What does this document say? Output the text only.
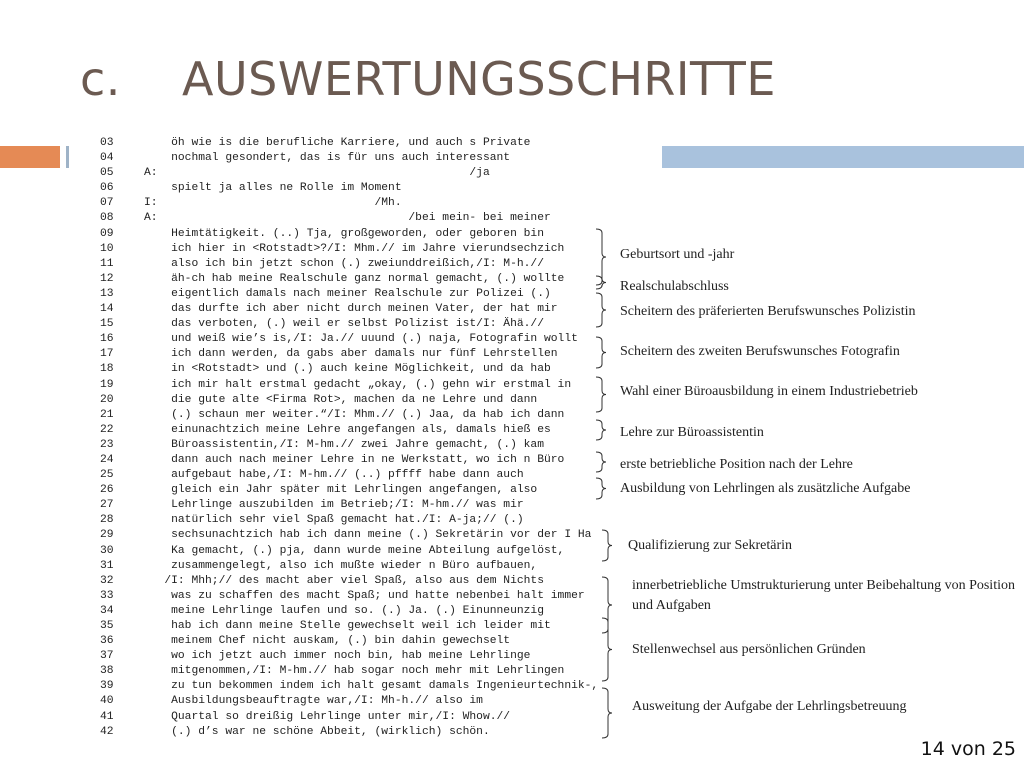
c. AUSWERTUNGSSCHRITTE
03	öh wie is die berufliche Karriere, und auch s Private
04	nochmal gesondert, das is für uns auch interessant
05	A:                                              /ja
06	spielt ja alles ne Rolle im Moment
07	I:                                /Mh.
08	A:                                     /bei mein- bei meiner
09	Heimtätigkeit. (..) Tja, großgeworden, oder geboren bin
10	ich hier in <Rotstadt>?/I: Mhm.// im Jahre vierundsechzich
11	also ich bin jetzt schon (.) zweiunddreißich,/I: M-h.//
12	äh-ch hab meine Realschule ganz normal gemacht, (.) wollte
13	eigentlich damals nach meiner Realschule zur Polizei (.)
14	das durfte ich aber nicht durch meinen Vater, der hat mir
15	das verboten, (.) weil er selbst Polizist ist/I: Ähä.//
16	und weiß wie’s is,/I: Ja.// uuund (.) naja, Fotografin wollt
17	ich dann werden, da gabs aber damals nur fünf Lehrstellen
18	in <Rotstadt> und (.) auch keine Möglichkeit, und da hab
19	ich mir halt erstmal gedacht „okay, (.) gehn wir erstmal in
20	die gute alte <Firma Rot>, machen da ne Lehre und dann
21	(.) schaun mer weiter.“/I: Mhm.// (.) Jaa, da hab ich dann
22	einunachtzich meine Lehre angefangen als, damals hieß es
23	Büroassistentin,/I: M-hm.// zwei Jahre gemacht, (.) kam
24	dann auch nach meiner Lehre in ne Werkstatt, wo ich n Büro
25	aufgebaut habe,/I: M-hm.// (..) pffff habe dann auch
26	gleich ein Jahr später mit Lehrlingen angefangen, also
27	Lehrlinge auszubilden im Betrieb;/I: M-hm.// was mir
28	natürlich sehr viel Spaß gemacht hat./I: A-ja;// (.)
29	sechsunachtzich hab ich dann meine (.) Sekretärin vor der I Ha
30	Ka gemacht, (.) pja, dann wurde meine Abteilung aufgelöst,
31	zusammengelegt, also ich mußte wieder n Büro aufbauen,
32	/I: Mhh;// des macht aber viel Spaß, also aus dem Nichts
33	was zu schaffen des macht Spaß; und hatte nebenbei halt immer
34	meine Lehrlinge laufen und so. (.) Ja. (.) Einunneunzig
35	hab ich dann meine Stelle gewechselt weil ich leider mit
36	meinem Chef nicht auskam, (.) bin dahin gewechselt
37	wo ich jetzt auch immer noch bin, hab meine Lehrlinge
38	mitgenommen,/I: M-hm.// hab sogar noch mehr mit Lehrlingen
39	zu tun bekommen indem ich halt gesamt damals Ingenieurtechnik-,
40	Ausbildungsbeauftragte war,/I: Mh-h.// also im
41	Quartal so dreißig Lehrlinge unter mir,/I: Whow.//
42	(.) d’s war ne schöne Abbeit, (wirklich) schön.
Geburtsort und -jahr
Realschulabschluss
Scheitern des präferierten Berufswunsches Polizistin
Scheitern des zweiten Berufswunsches Fotografin
Wahl einer Büroausbildung in einem Industriebetrieb
Lehre zur Büroassistentin
erste betriebliche Position nach der Lehre
Ausbildung von Lehrlingen als zusätzliche Aufgabe
Qualifizierung zur Sekretärin
innerbetriebliche Umstrukturierung unter Beibehaltung von Position und Aufgaben
Stellenwechsel aus persönlichen Gründen
Ausweitung der Aufgabe der Lehrlingsbetreuung
14 von 25
